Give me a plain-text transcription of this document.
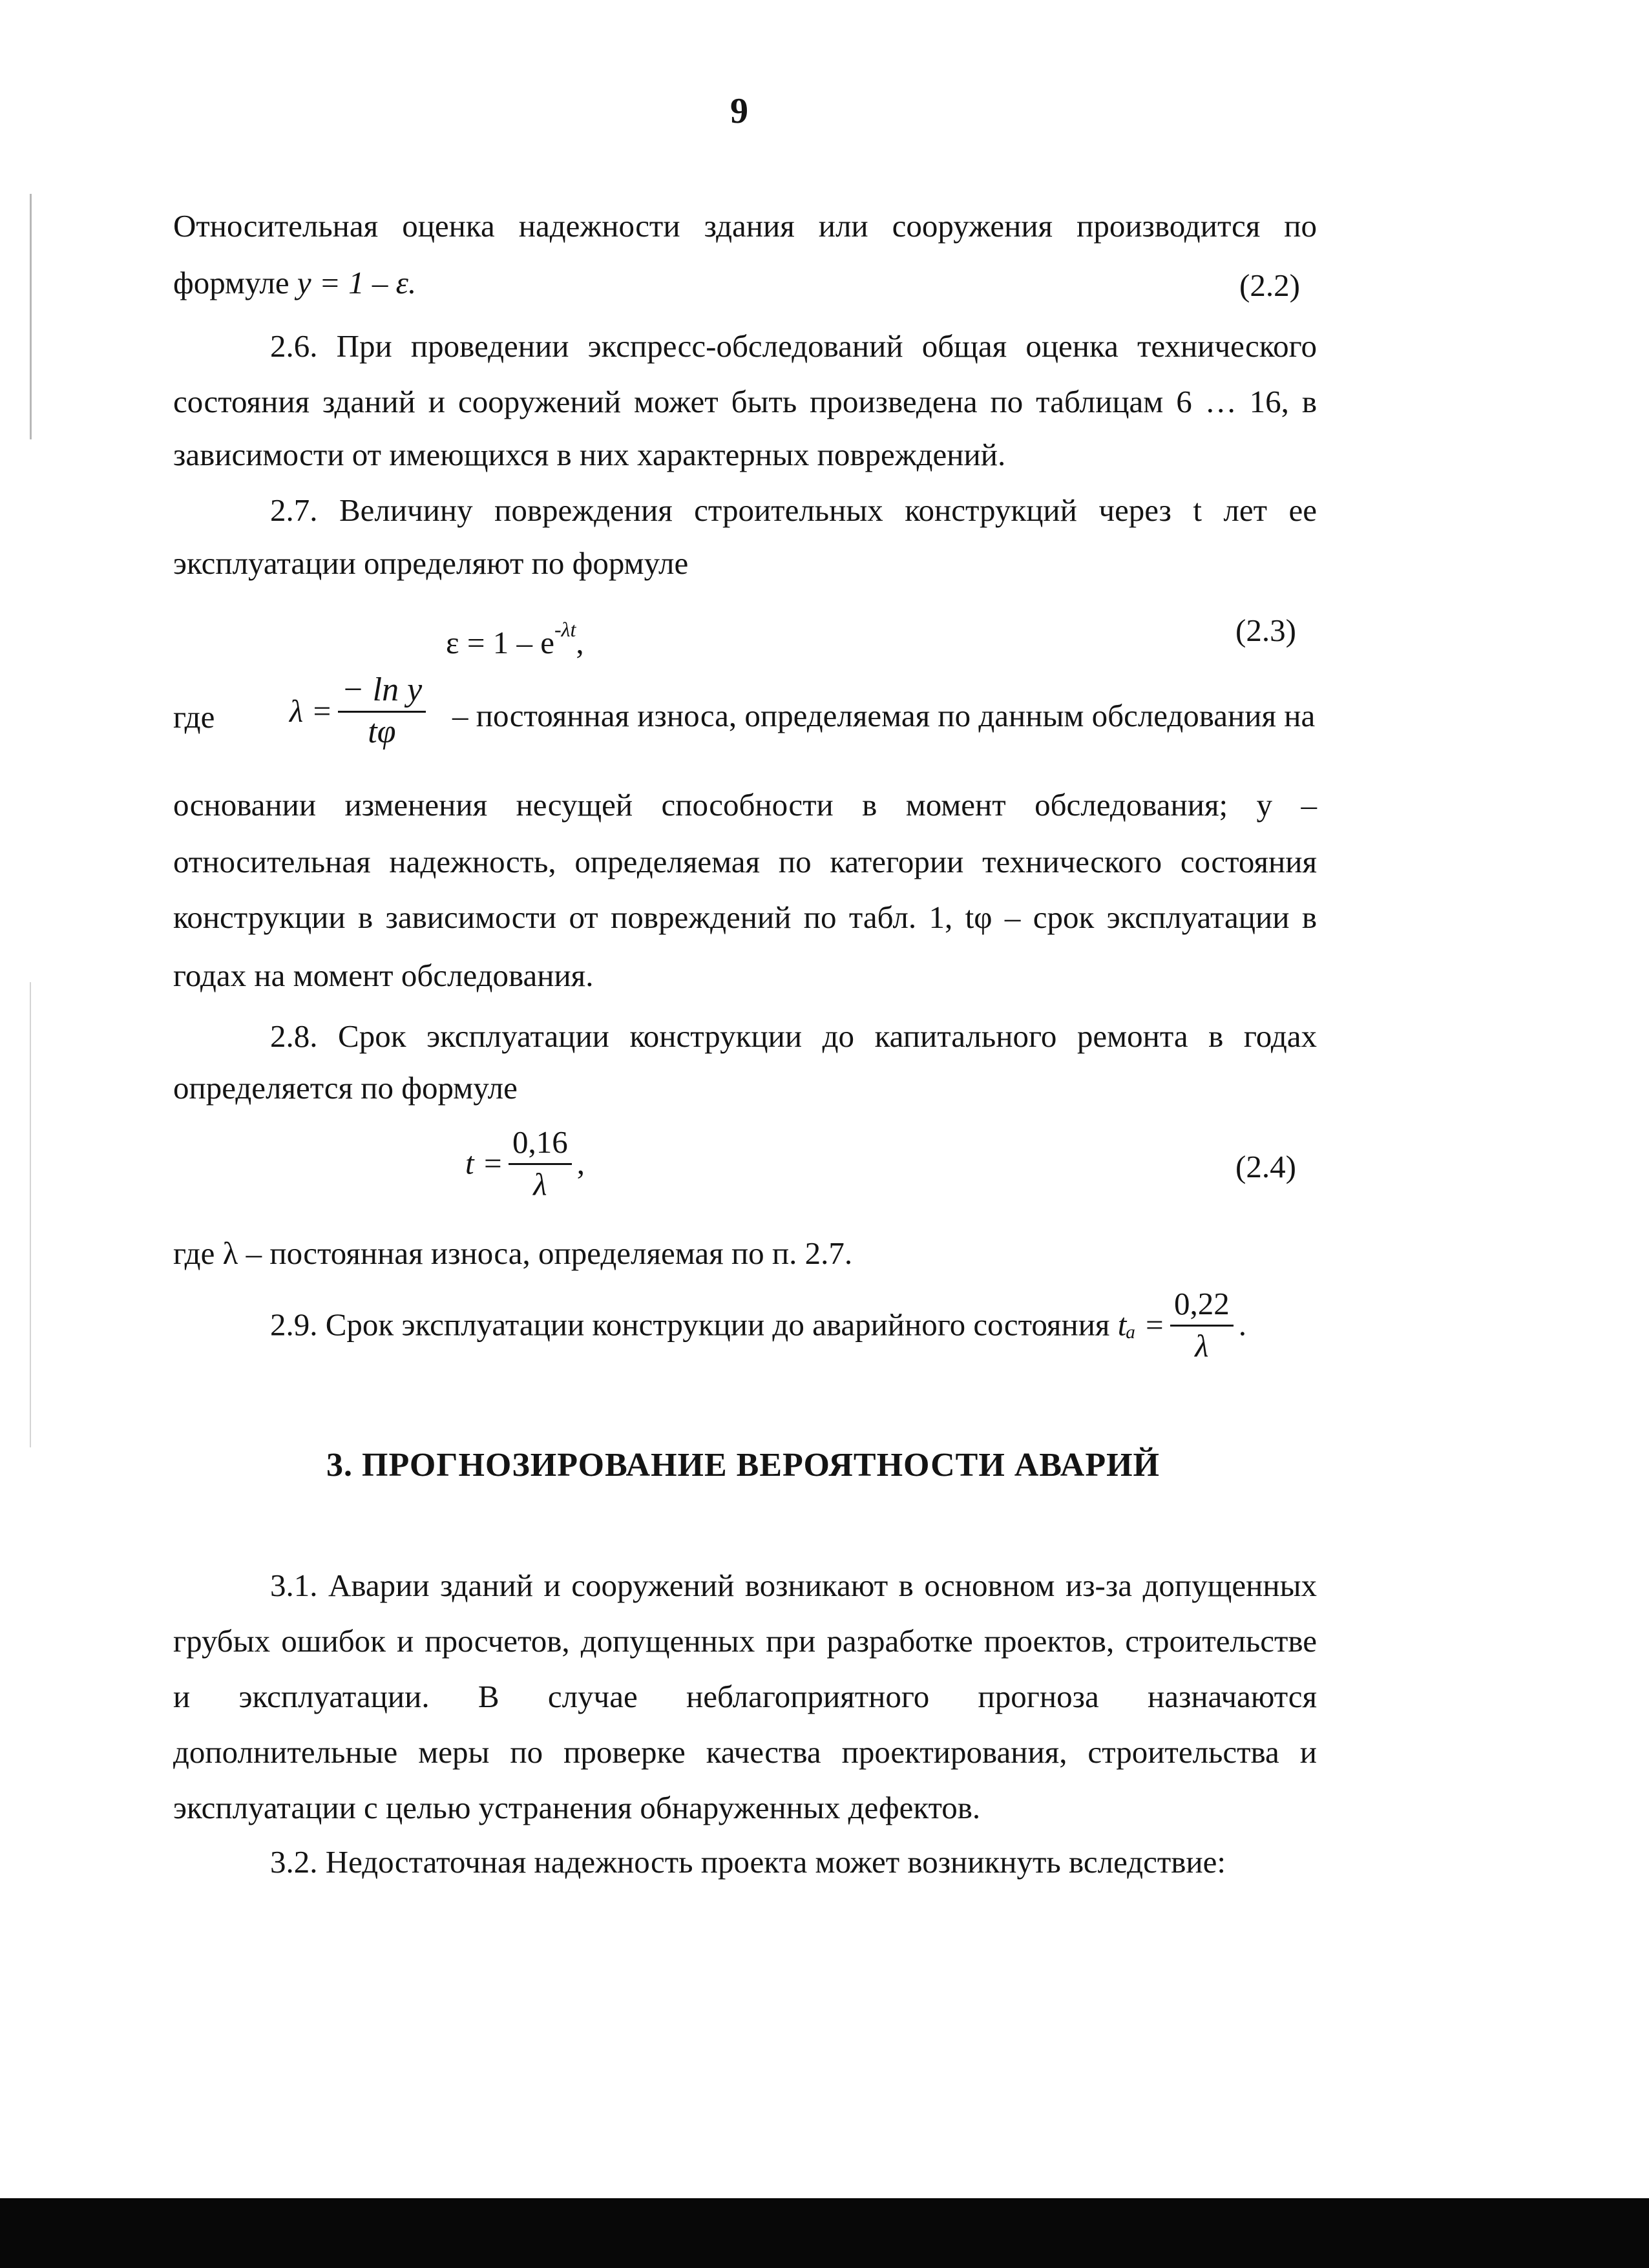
9
Относительная оценка надежности здания или сооружения производится по
формуле y = 1 – ε.	(2.2)
2.6. При проведении экспресс-обследований общая оценка технического
состояния зданий и сооружений может быть произведена по таблицам 6 … 16, в
зависимости от имеющихся в них характерных повреждений.
2.7. Величину повреждения строительных конструкций через t лет ее
эксплуатации определяют по формуле
$\varepsilon = 1 - e^{-\lambda t}$,	(2.3)
где $\lambda = \frac{\text{− ln y}}{t\varphi}$ – постоянная износа, определяемая по данным обследования на
основании изменения несущей способности в момент обследования; y –
относительная надежность, определяемая по категории технического состояния
конструкции в зависимости от повреждений по табл. 1, tφ – срок эксплуатации в
годах на момент обследования.
2.8. Срок эксплуатации конструкции до капитального ремонта в годах
определяется по формуле
$t = \frac{0,16}{\lambda}$ ,	(2.4)
где λ – постоянная износа, определяемая по п. 2.7.
2.9. Срок эксплуатации конструкции до аварийного состояния $t_a = \frac{0,22}{\lambda}$ .
3. ПРОГНОЗИРОВАНИЕ ВЕРОЯТНОСТИ АВАРИЙ
3.1. Аварии зданий и сооружений возникают в основном из-за допущенных
грубых ошибок и просчетов, допущенных при разработке проектов, строительстве
и эксплуатации. В случае неблагоприятного прогноза назначаются
дополнительные меры по проверке качества проектирования, строительства и
эксплуатации с целью устранения обнаруженных дефектов.
3.2. Недостаточная надежность проекта может возникнуть вследствие:
